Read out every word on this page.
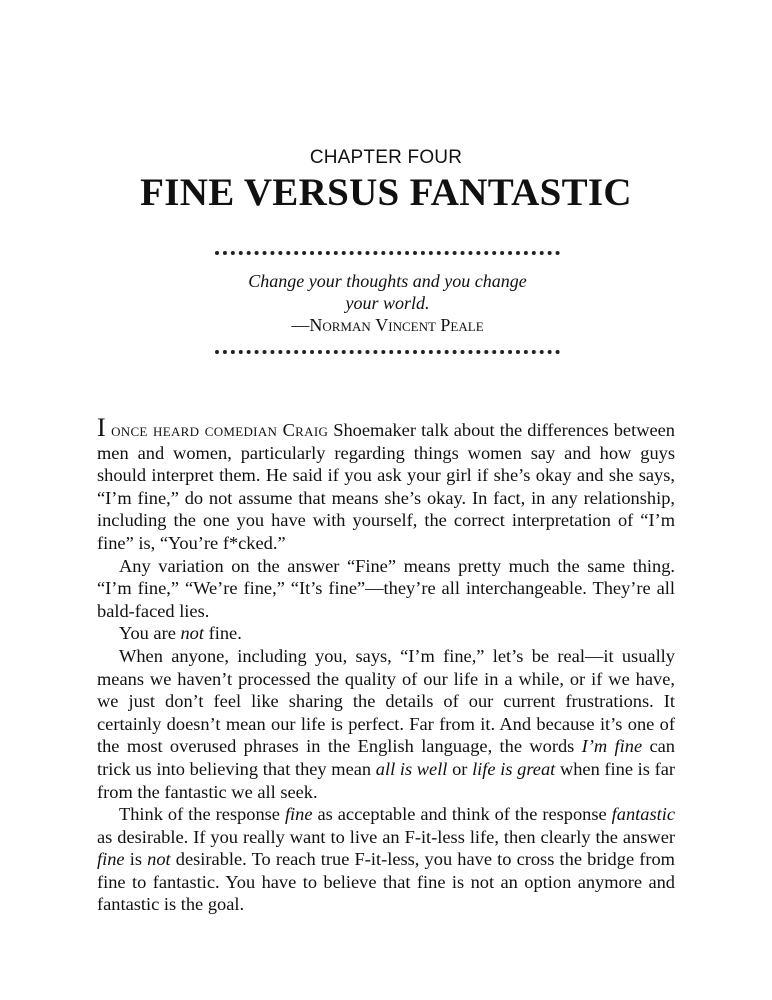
CHAPTER FOUR
FINE VERSUS FANTASTIC
Change your thoughts and you change
your world.
—Norman Vincent Peale

I once heard comedian Craig Shoemaker talk about the differences between men and women, particularly regarding things women say and how guys should interpret them. He said if you ask your girl if she’s okay and she says, “I’m fine,” do not assume that means she’s okay. In fact, in any relationship, including the one you have with yourself, the correct interpretation of “I’m fine” is, “You’re f*cked.”

Any variation on the answer “Fine” means pretty much the same thing. “I’m fine,” “We’re fine,” “It’s fine”—they’re all interchangeable. They’re all bald-faced lies.

You are not fine.

When anyone, including you, says, “I’m fine,” let’s be real—it usually means we haven’t processed the quality of our life in a while, or if we have, we just don’t feel like sharing the details of our current frustrations. It certainly doesn’t mean our life is perfect. Far from it. And because it’s one of the most overused phrases in the English language, the words I’m fine can trick us into believing that they mean all is well or life is great when fine is far from the fantastic we all seek.

Think of the response fine as acceptable and think of the response fantastic as desirable. If you really want to live an F-it-less life, then clearly the answer fine is not desirable. To reach true F-it-less, you have to cross the bridge from fine to fantastic. You have to believe that fine is not an option anymore and fantastic is the goal.
